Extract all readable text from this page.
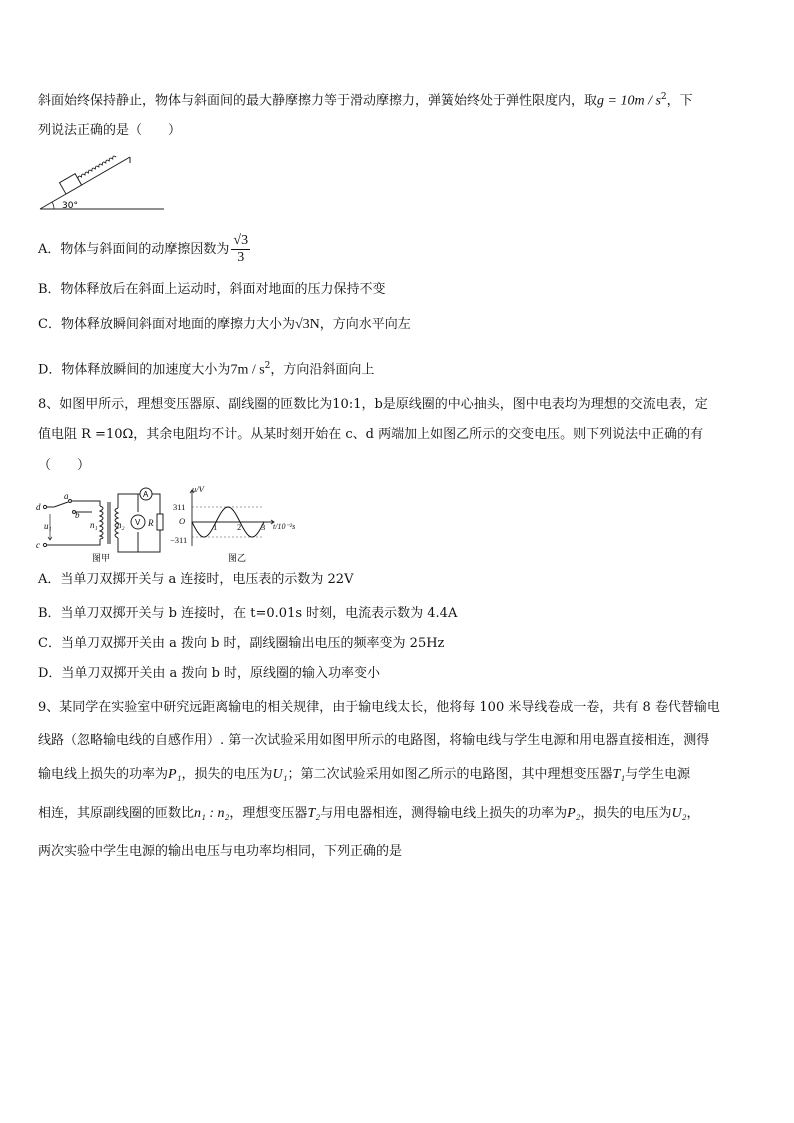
斜面始终保持静止，物体与斜面间的最大静摩擦力等于滑动摩擦力，弹簧始终处于弹性限度内，取$g = 10m / s^2$，下
列说法正确的是（　　）
30°
A．物体与斜面间的动摩擦因数为 $\frac{√3}{3}$
B．物体释放后在斜面上运动时，斜面对地面的压力保持不变
C．物体释放瞬间斜面对地面的摩擦力大小为√3N，方向水平向左
D．物体释放瞬间的加速度大小为$7m / s^2$，方向沿斜面向上
8、如图甲所示，理想变压器原、副线圈的匝数比为10:1，b是原线圈的中心抽头，图中电表均为理想的交流电表，定
值电阻 R =10Ω，其余电阻均不计。从某时刻开始在 c、d 两端加上如图乙所示的交变电压。则下列说法中正确的有
（　　）
d
c
a
b
u₁	n₁ n₂	R
A
V
图甲
u/V
311
O
−311
t/10⁻²s
1 2 3
图乙
A．当单刀双掷开关与 a 连接时，电压表的示数为 22V
B．当单刀双掷开关与 b 连接时，在 t=0.01s 时刻，电流表示数为 4.4A
C．当单刀双掷开关由 a 拨向 b 时，副线圈输出电压的频率变为 25Hz
D．当单刀双掷开关由 a 拨向 b 时，原线圈的输入功率变小
9、某同学在实验室中研究远距离输电的相关规律，由于输电线太长，他将每 100 米导线卷成一卷，共有 8 卷代替输电
线路（忽略输电线的自感作用）. 第一次试验采用如图甲所示的电路图，将输电线与学生电源和用电器直接相连，测得
输电线上损失的功率为P₁，损失的电压为U₁；第二次试验采用如图乙所示的电路图，其中理想变压器T₁与学生电源
相连，其原副线圈的匝数比n₁ : n₂，理想变压器T₂与用电器相连，测得输电线上损失的功率为P₂，损失的电压为U₂，
两次实验中学生电源的输出电压与电功率均相同，下列正确的是
